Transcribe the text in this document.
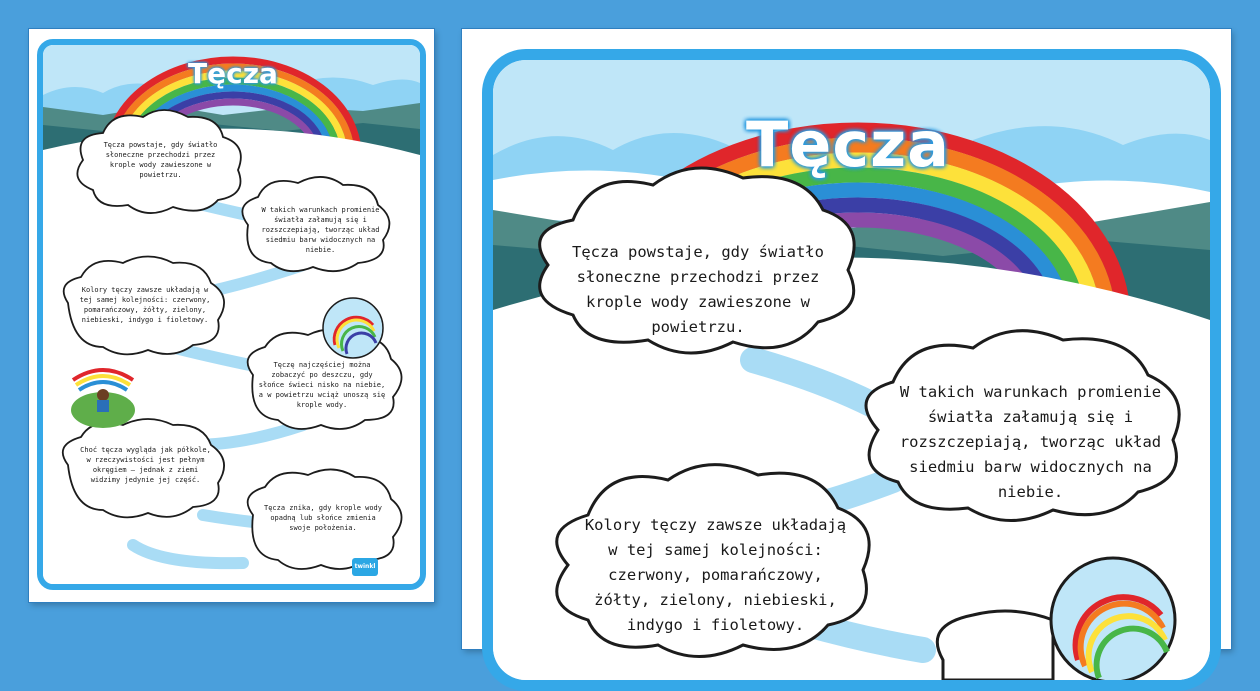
Tęcza
Tęcza powstaje, gdy światło słoneczne przechodzi przez krople wody zawieszone w powietrzu.
W takich warunkach promienie światła załamują się i rozszczepiają, tworząc układ siedmiu barw widocznych na niebie.
Kolory tęczy zawsze układają w tej samej kolejności: czerwony, pomarańczowy, żółty, zielony, niebieski, indygo i fioletowy.
Tęczę najczęściej można zobaczyć po deszczu, gdy słońce świeci nisko na niebie, a w powietrzu wciąż unoszą się krople wody.
Choć tęcza wygląda jak półkole, w rzeczywistości jest pełnym okręgiem – jednak z ziemi widzimy jedynie jej część.
Tęcza znika, gdy krople wody opadną lub słońce zmienia swoje położenia.
twinkl
Tęcza
Tęcza powstaje, gdy światło słoneczne przechodzi przez krople wody zawieszone w powietrzu.
W takich warunkach promienie światła załamują się i rozszczepiają, tworząc układ siedmiu barw widocznych na niebie.
Kolory tęczy zawsze układają w tej samej kolejności: czerwony, pomarańczowy, żółty, zielony, niebieski, indygo i fioletowy.
